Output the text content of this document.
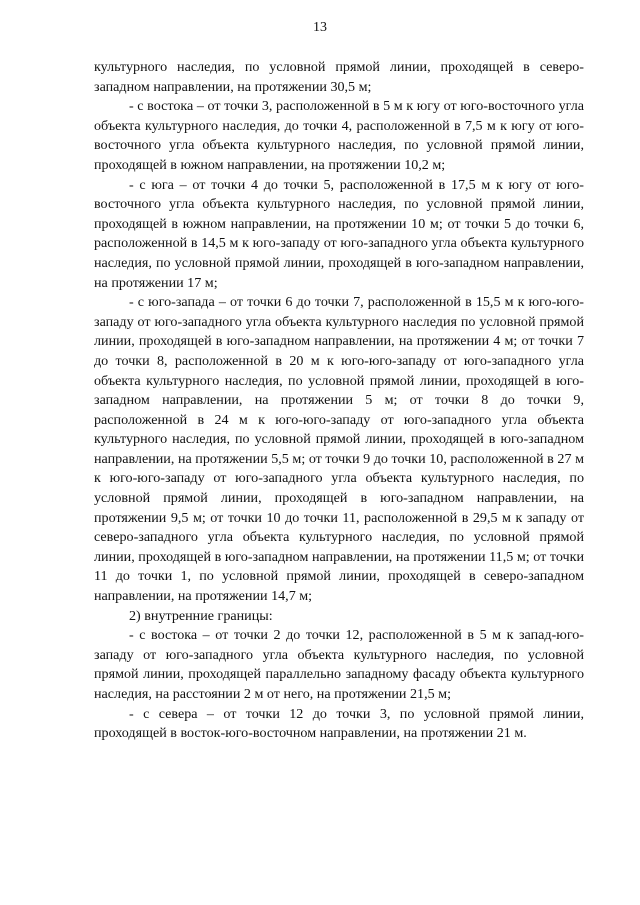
13

культурного наследия, по условной прямой линии, проходящей в северо-западном направлении, на протяжении 30,5 м;

- с востока – от точки 3, расположенной в 5 м к югу от юго-восточного угла объекта культурного наследия, до точки 4, расположенной в 7,5 м к югу от юго-восточного угла объекта культурного наследия, по условной прямой линии, проходящей в южном направлении, на протяжении 10,2 м;

- с юга – от точки 4 до точки 5, расположенной в 17,5 м к югу от юго-восточного угла объекта культурного наследия, по условной прямой линии, проходящей в южном направлении, на протяжении 10 м; от точки 5 до точки 6, расположенной в 14,5 м к юго-западу от юго-западного угла объекта культурного наследия, по условной прямой линии, проходящей в юго-западном направлении, на протяжении 17 м;

- с юго-запада – от точки 6 до точки 7, расположенной в 15,5 м к юго-юго-западу от юго-западного угла объекта культурного наследия по условной прямой линии, проходящей в юго-западном направлении, на протяжении 4 м; от точки 7 до точки 8, расположенной в 20 м к юго-юго-западу от юго-западного угла объекта культурного наследия, по условной прямой линии, проходящей в юго-западном направлении, на протяжении 5 м; от точки 8 до точки 9, расположенной в 24 м к юго-юго-западу от юго-западного угла объекта культурного наследия, по условной прямой линии, проходящей в юго-западном направлении, на протяжении 5,5 м; от точки 9 до точки 10, расположенной в 27 м к юго-юго-западу от юго-западного угла объекта культурного наследия, по условной прямой линии, проходящей в юго-западном направлении, на протяжении 9,5 м; от точки 10 до точки 11, расположенной в 29,5 м к западу от северо-западного угла объекта культурного наследия, по условной прямой линии, проходящей в юго-западном направлении, на протяжении 11,5 м; от точки 11 до точки 1, по условной прямой линии, проходящей в северо-западном направлении, на протяжении 14,7 м;

2) внутренние границы:

- с востока – от точки 2 до точки 12, расположенной в 5 м к запад-юго-западу от юго-западного угла объекта культурного наследия, по условной прямой линии, проходящей параллельно западному фасаду объекта культурного наследия, на расстоянии 2 м от него, на протяжении 21,5 м;

- с севера – от точки 12 до точки 3, по условной прямой линии, проходящей в восток-юго-восточном направлении, на протяжении 21 м.
